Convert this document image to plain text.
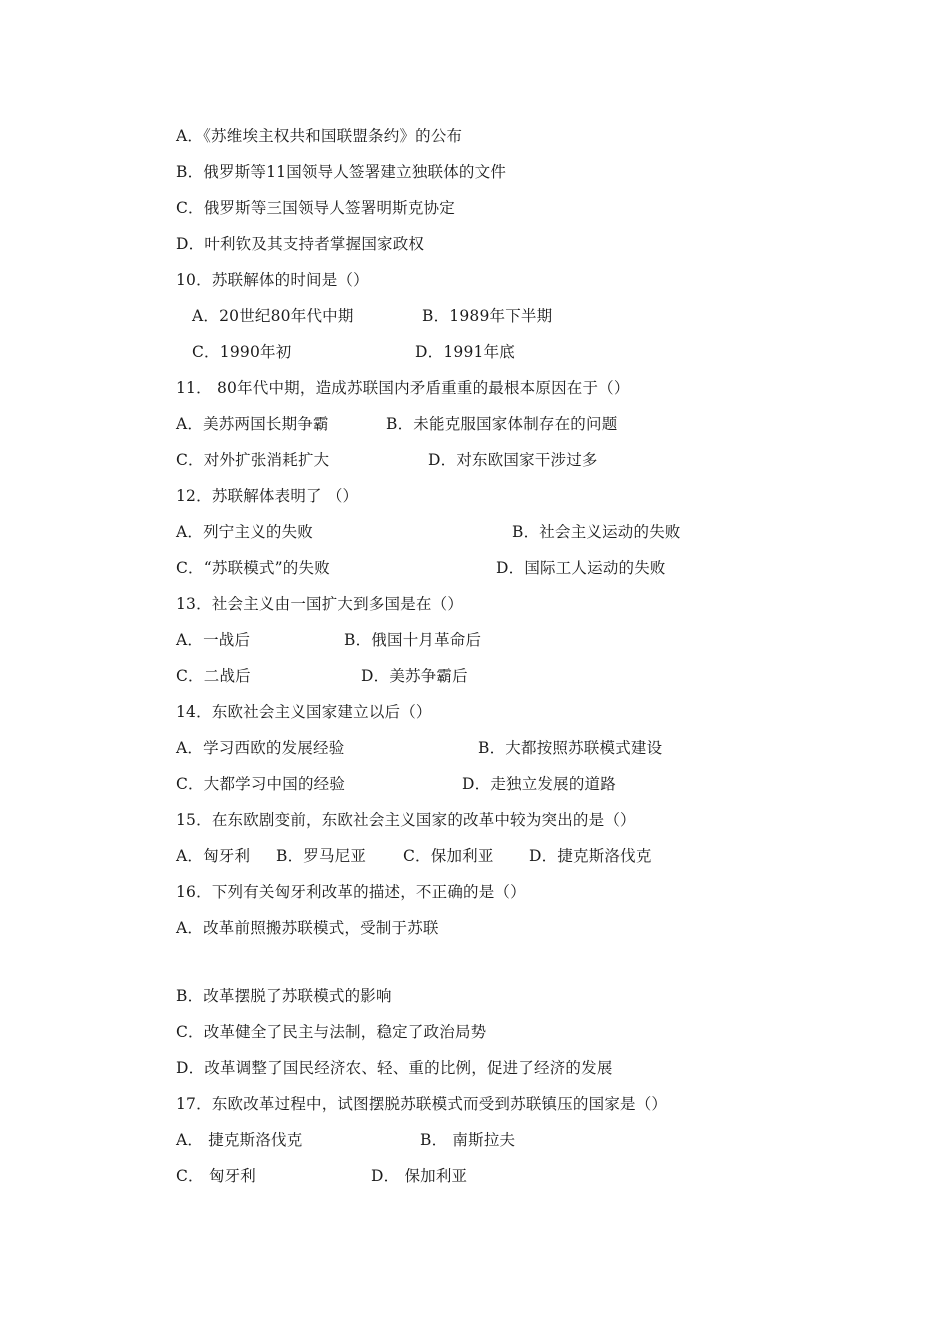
A．《苏维埃主权共和国联盟条约》的公布
B．俄罗斯等11国领导人签署建立独联体的文件
C．俄罗斯等三国领导人签署明斯克协定
D．叶利钦及其支持者掌握国家政权
10．苏联解体的时间是（）
A．20世纪80年代中期	B．1989年下半期
C．1990年初	D．1991年底
11． 80年代中期，造成苏联国内矛盾重重的最根本原因在于（）
A．美苏两国长期争霸	B．未能克服国家体制存在的问题
C．对外扩张消耗扩大	D．对东欧国家干涉过多
12．苏联解体表明了 （）
A．列宁主义的失败	B．社会主义运动的失败
C．“苏联模式”的失败	D．国际工人运动的失败
13．社会主义由一国扩大到多国是在（）
A．一战后	B．俄国十月革命后
C．二战后	D．美苏争霸后
14．东欧社会主义国家建立以后（）
A．学习西欧的发展经验	B．大都按照苏联模式建设
C．大都学习中国的经验	D．走独立发展的道路
15．在东欧剧变前，东欧社会主义国家的改革中较为突出的是（）
A．匈牙利 B．罗马尼亚 C．保加利亚 D．捷克斯洛伐克
16．下列有关匈牙利改革的描述，不正确的是（）
A．改革前照搬苏联模式，受制于苏联
B．改革摆脱了苏联模式的影响
C．改革健全了民主与法制，稳定了政治局势
D．改革调整了国民经济农、轻、重的比例，促进了经济的发展
17．东欧改革过程中，试图摆脱苏联模式而受到苏联镇压的国家是（）
A． 捷克斯洛伐克	B． 南斯拉夫
C． 匈牙利	D． 保加利亚
